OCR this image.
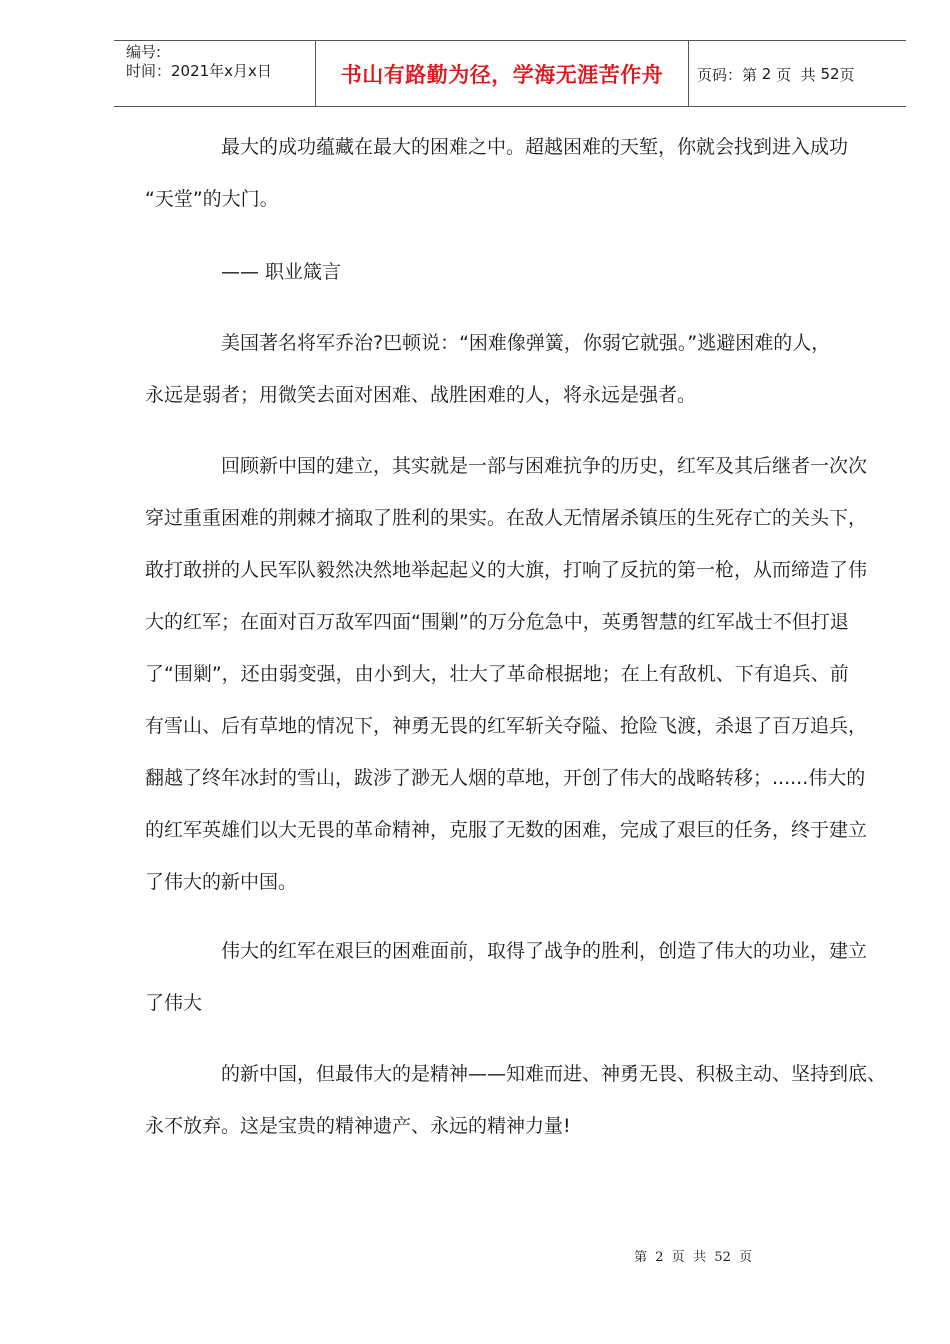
编号:
时间：2021年x月x日	书山有路勤为径，学海无涯苦作舟	页码：第
2
页  共
52 页
最大的成功蕴藏在最大的困难之中。超越困难的天堑，你就会找到进入成功
“天堂”的大门。
—— 职业箴言
美国著名将军乔治?巴顿说：“困难像弹簧，你弱它就强。”逃避困难的人，
永远是弱者；用微笑去面对困难、战胜困难的人，将永远是强者。
回顾新中国的建立，其实就是一部与困难抗争的历史，红军及其后继者一次次
穿过重重困难的荆棘才摘取了胜利的果实。在敌人无情屠杀镇压的生死存亡的关头下，
敢打敢拼的人民军队毅然决然地举起起义的大旗，打响了反抗的第一枪，从而缔造了伟
大的红军；在面对百万敌军四面“围剿”的万分危急中，英勇智慧的红军战士不但打退
了“围剿”，还由弱变强，由小到大，壮大了革命根据地；在上有敌机、下有追兵、前
有雪山、后有草地的情况下，神勇无畏的红军斩关夺隘、抢险飞渡，杀退了百万追兵，
翻越了终年冰封的雪山，跋涉了渺无人烟的草地，开创了伟大的战略转移；......伟大的
的红军英雄们以大无畏的革命精神，克服了无数的困难，完成了艰巨的任务，终于建立
了伟大的新中国。
伟大的红军在艰巨的困难面前，取得了战争的胜利，创造了伟大的功业，建立
了伟大
的新中国，但最伟大的是精神——知难而进、神勇无畏、积极主动、坚持到底、
永不放弃。这是宝贵的精神遗产、永远的精神力量!
第  2  页  共  52  页
